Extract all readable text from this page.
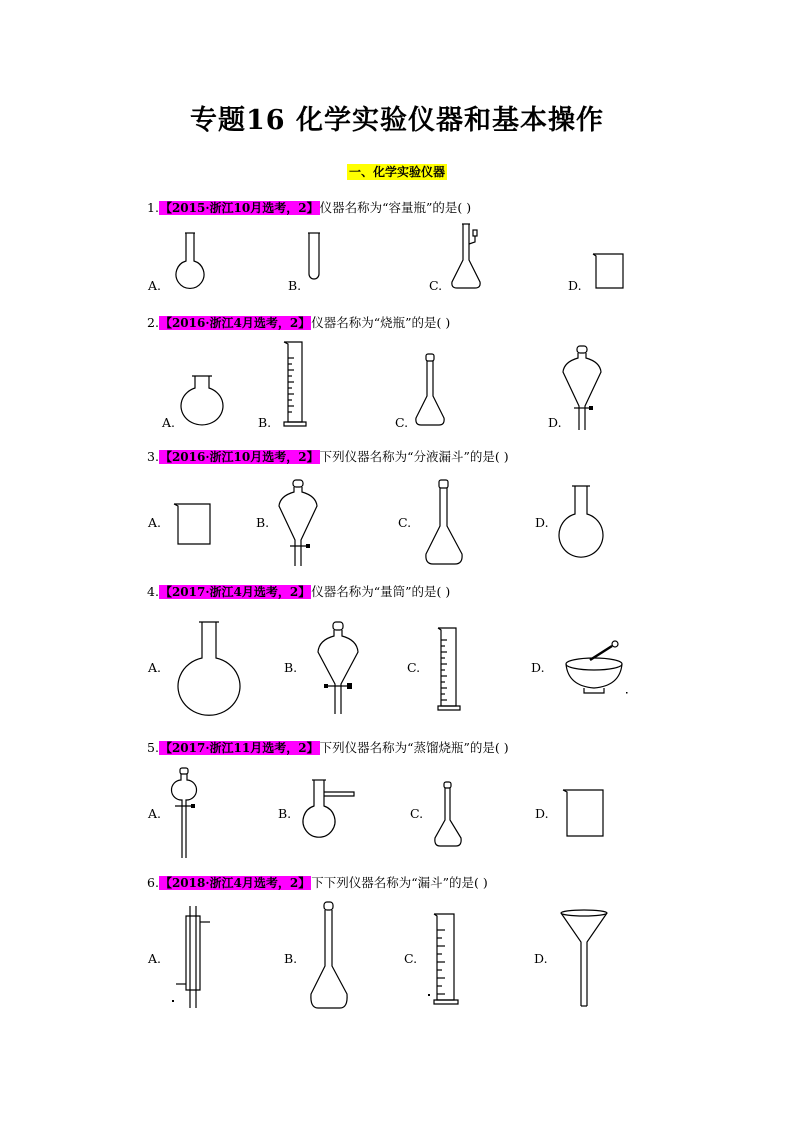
专题16 化学实验仪器和基本操作
一、化学实验仪器
1.【2015·浙江10月选考，2】仪器名称为“容量瓶”的是( )
A.	B.	C.	D.
2.【2016·浙江4月选考，2】仪器名称为“烧瓶”的是( )
A.	B.	C.	D.
3.【2016·浙江10月选考，2】下列仪器名称为“分液漏斗”的是( )
A.	B.	C.	D.
4.【2017·浙江4月选考，2】仪器名称为“量筒”的是( )
A.	B.	C.	D.
5.【2017·浙江11月选考，2】下列仪器名称为“蒸馏烧瓶”的是( )
A.	B.	C.	D.
6.【2018·浙江4月选考，2】下下列仪器名称为“漏斗”的是( )
A.	B.	C.	D.
